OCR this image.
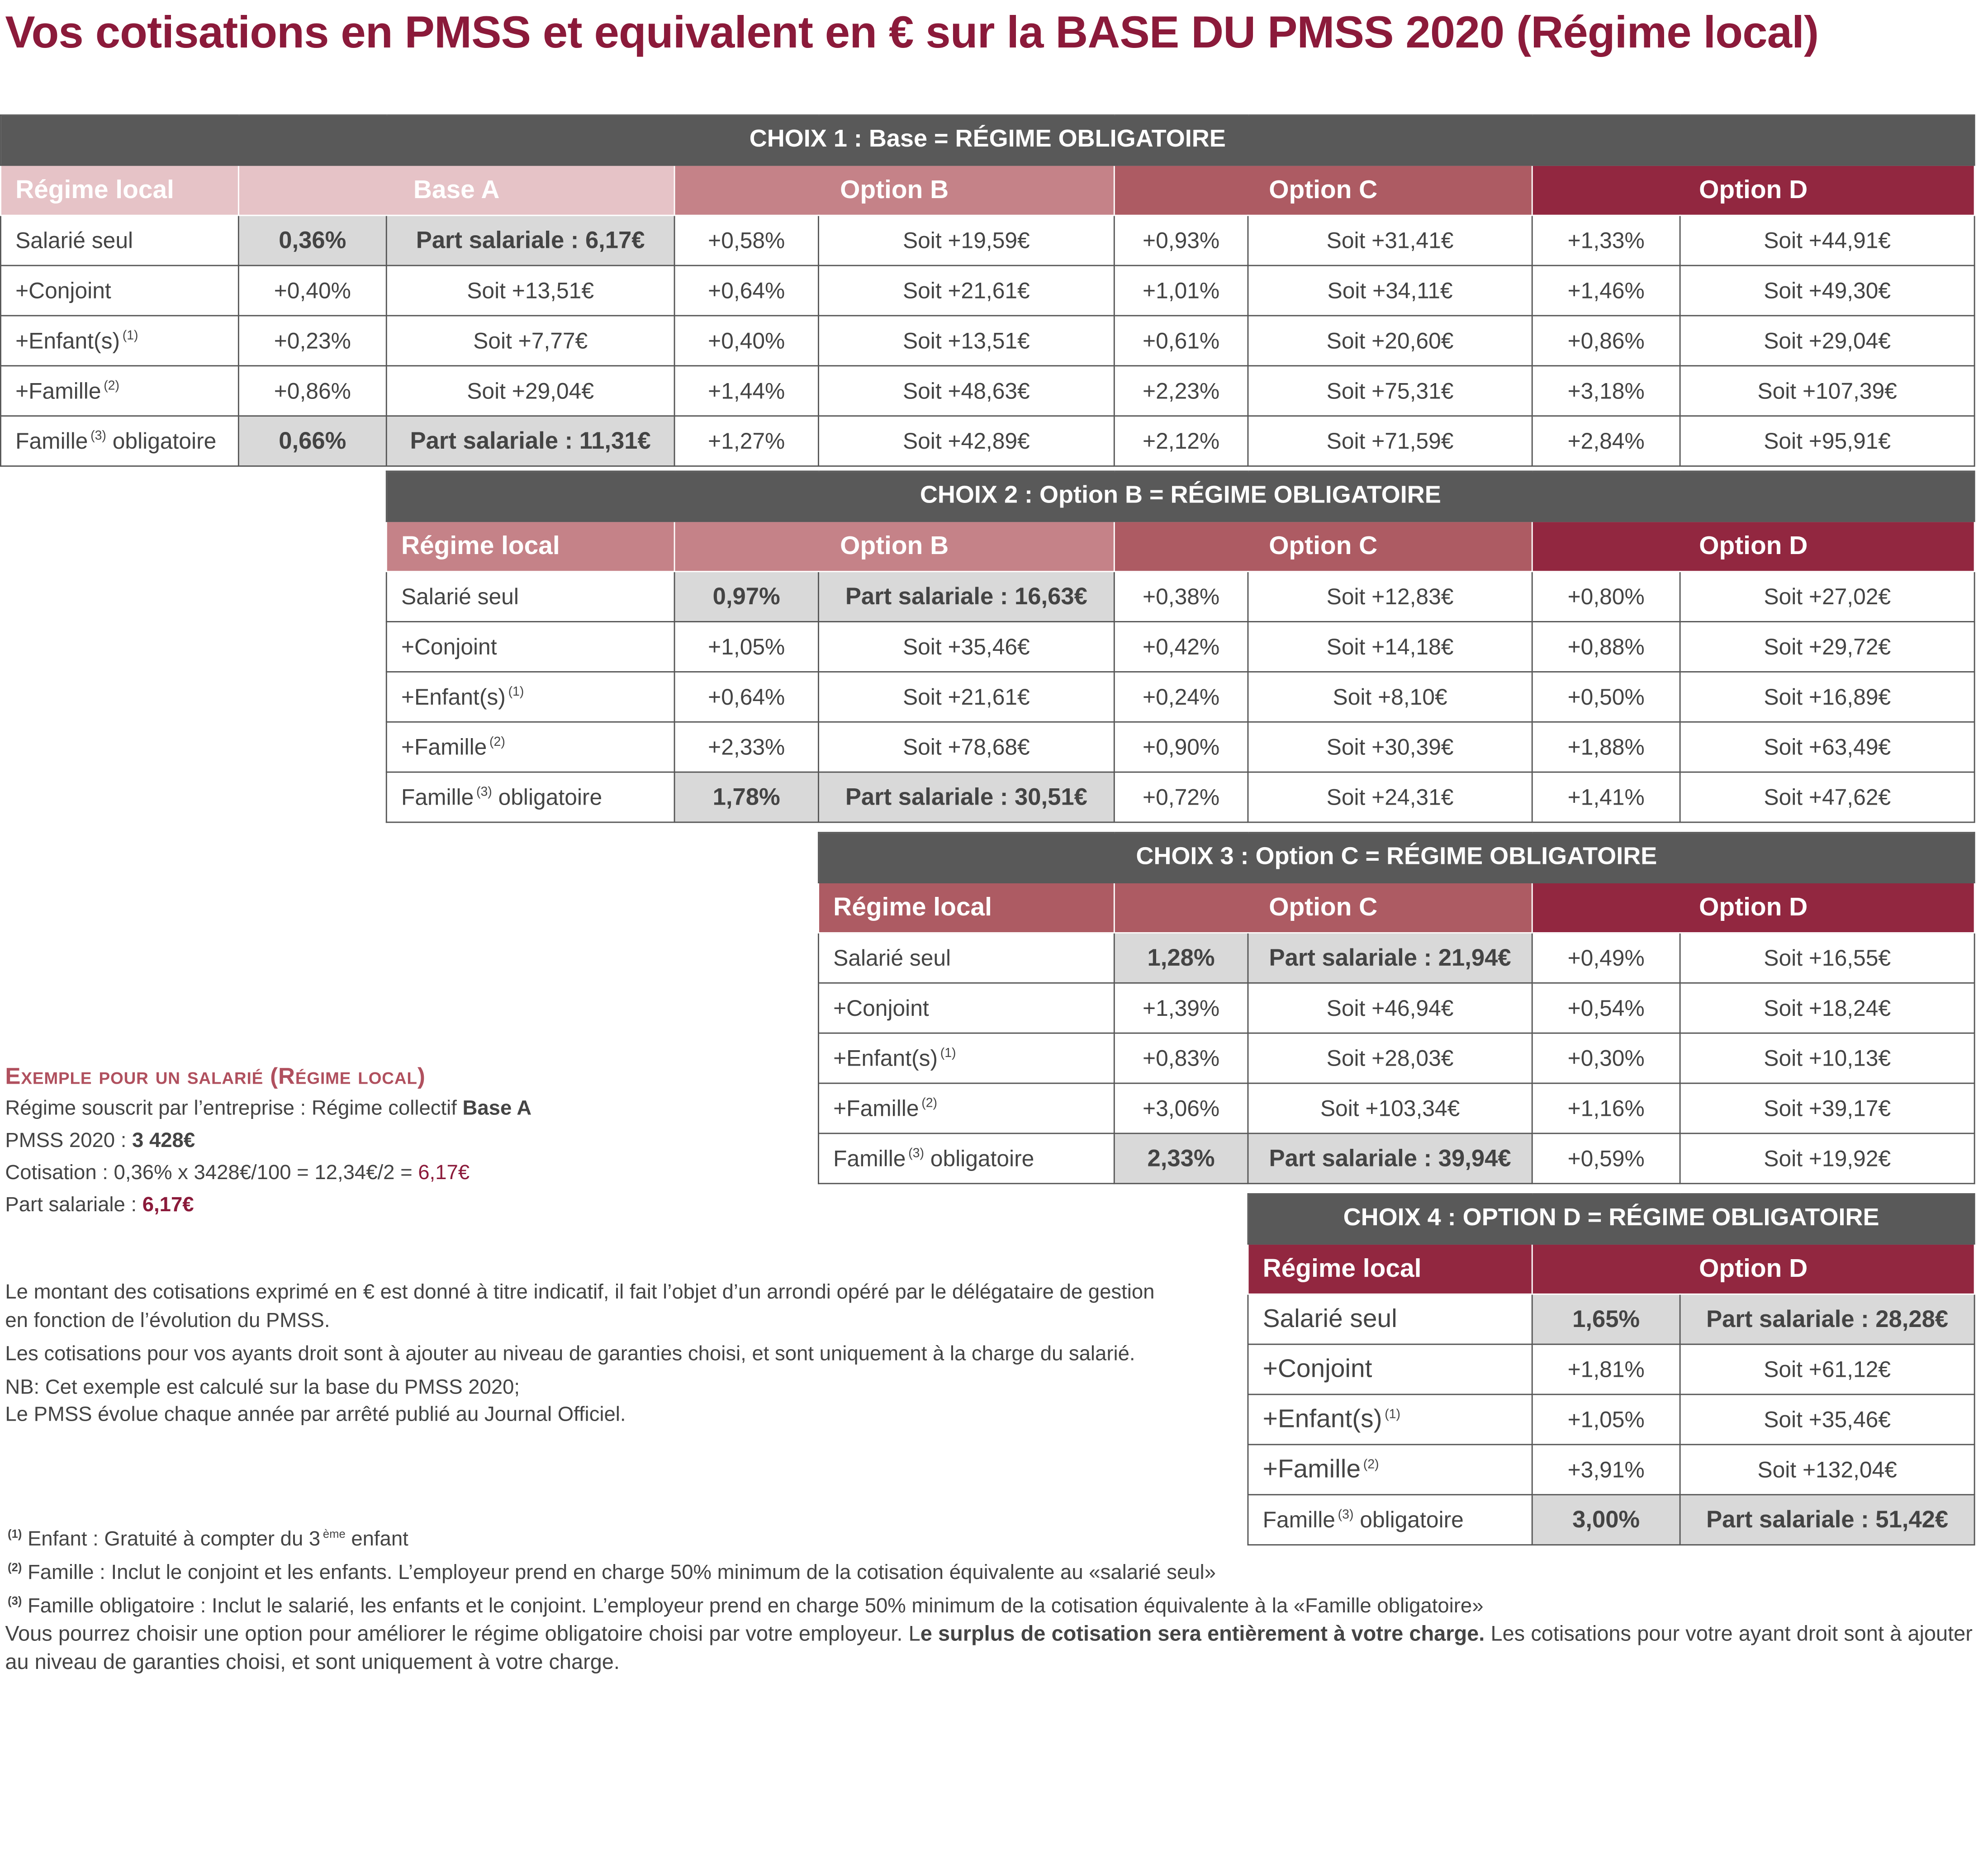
Vos cotisations en PMSS et equivalent en € sur la BASE DU PMSS 2020 (Régime local)
CHOIX 1 : Base = RÉGIME OBLIGATOIRE								
Régime local	Base A		Option B		Option C		Option D	
Salarié seul	0,36%	Part salariale : 6,17€	+0,58%	Soit +19,59€	+0,93%	Soit +31,41€	+1,33%	Soit +44,91€
+Conjoint	+0,40%	Soit +13,51€	+0,64%	Soit +21,61€	+1,01%	Soit +34,11€	+1,46%	Soit +49,30€
+Enfant(s) $^{(1)}$	+0,23%	Soit +7,77€	+0,40%	Soit +13,51€	+0,61%	Soit +20,60€	+0,86%	Soit +29,04€
+Famille $^{(2)}$	+0,86%	Soit +29,04€	+1,44%	Soit +48,63€	+2,23%	Soit +75,31€	+3,18%	Soit +107,39€
Famille $^{(3)}$ obligatoire	0,66%	Part salariale : 11,31€	+1,27%	Soit +42,89€	+2,12%	Soit +71,59€	+2,84%	Soit +95,91€
CHOIX 2 : Option B = RÉGIME OBLIGATOIRE						
Régime local	Option B		Option C		Option D	
Salarié seul	0,97%	Part salariale : 16,63€	+0,38%	Soit +12,83€	+0,80%	Soit +27,02€
+Conjoint	+1,05%	Soit +35,46€	+0,42%	Soit +14,18€	+0,88%	Soit +29,72€
+Enfant(s) $^{(1)}$	+0,64%	Soit +21,61€	+0,24%	Soit +8,10€	+0,50%	Soit +16,89€
+Famille $^{(2)}$	+2,33%	Soit +78,68€	+0,90%	Soit +30,39€	+1,88%	Soit +63,49€
Famille $^{(3)}$ obligatoire	1,78%	Part salariale : 30,51€	+0,72%	Soit +24,31€	+1,41%	Soit +47,62€
CHOIX 3 : Option C = RÉGIME OBLIGATOIRE				
Régime local	Option C		Option D	
Salarié seul	1,28%	Part salariale : 21,94€	+0,49%	Soit +16,55€
+Conjoint	+1,39%	Soit +46,94€	+0,54%	Soit +18,24€
+Enfant(s) $^{(1)}$	+0,83%	Soit +28,03€	+0,30%	Soit +10,13€
+Famille $^{(2)}$	+3,06%	Soit +103,34€	+1,16%	Soit +39,17€
Famille $^{(3)}$ obligatoire	2,33%	Part salariale : 39,94€	+0,59%	Soit +19,92€
CHOIX 4 : OPTION D = RÉGIME OBLIGATOIRE		
Régime local	Option D	
Salarié seul	1,65%	Part salariale : 28,28€
+Conjoint	+1,81%	Soit +61,12€
+Enfant(s) $^{(1)}$	+1,05%	Soit +35,46€
+Famille $^{(2)}$	+3,91%	Soit +132,04€
Famille $^{(3)}$ obligatoire	3,00%	Part salariale : 51,42€
Exemple pour un salarié (Régime local)
Régime souscrit par l’entreprise : Régime collectif Base A
PMSS 2020 : 3 428€
Cotisation : 0,36% x 3428€/100 = 12,34€/2 = 6,17€
Part salariale : 6,17€
Le montant des cotisations exprimé en € est donné à titre indicatif, il fait l’objet d’un arrondi opéré par le délégataire de gestion en fonction de l’évolution du PMSS.
Les cotisations pour vos ayants droit sont à ajouter au niveau de garanties choisi, et sont uniquement à la charge du salarié.
NB: Cet exemple est calculé sur la base du PMSS 2020;
Le PMSS évolue chaque année par arrêté publié au Journal Officiel.
$^{(1)}$ Enfant : Gratuité à compter du 3 $^{ème}$ enfant
$^{(2)}$ Famille : Inclut le conjoint et les enfants. L’employeur prend en charge 50% minimum de la cotisation équivalente au «salarié seul»
$^{(3)}$ Famille obligatoire : Inclut le salarié, les enfants et le conjoint. L’employeur prend en charge 50% minimum de la cotisation équivalente à la «Famille obligatoire»
Vous pourrez choisir une option pour améliorer le régime obligatoire choisi par votre employeur. Le surplus de cotisation sera entièrement à votre charge. Les cotisations pour votre ayant droit sont à ajouter au niveau de garanties choisi, et sont uniquement à votre charge.
